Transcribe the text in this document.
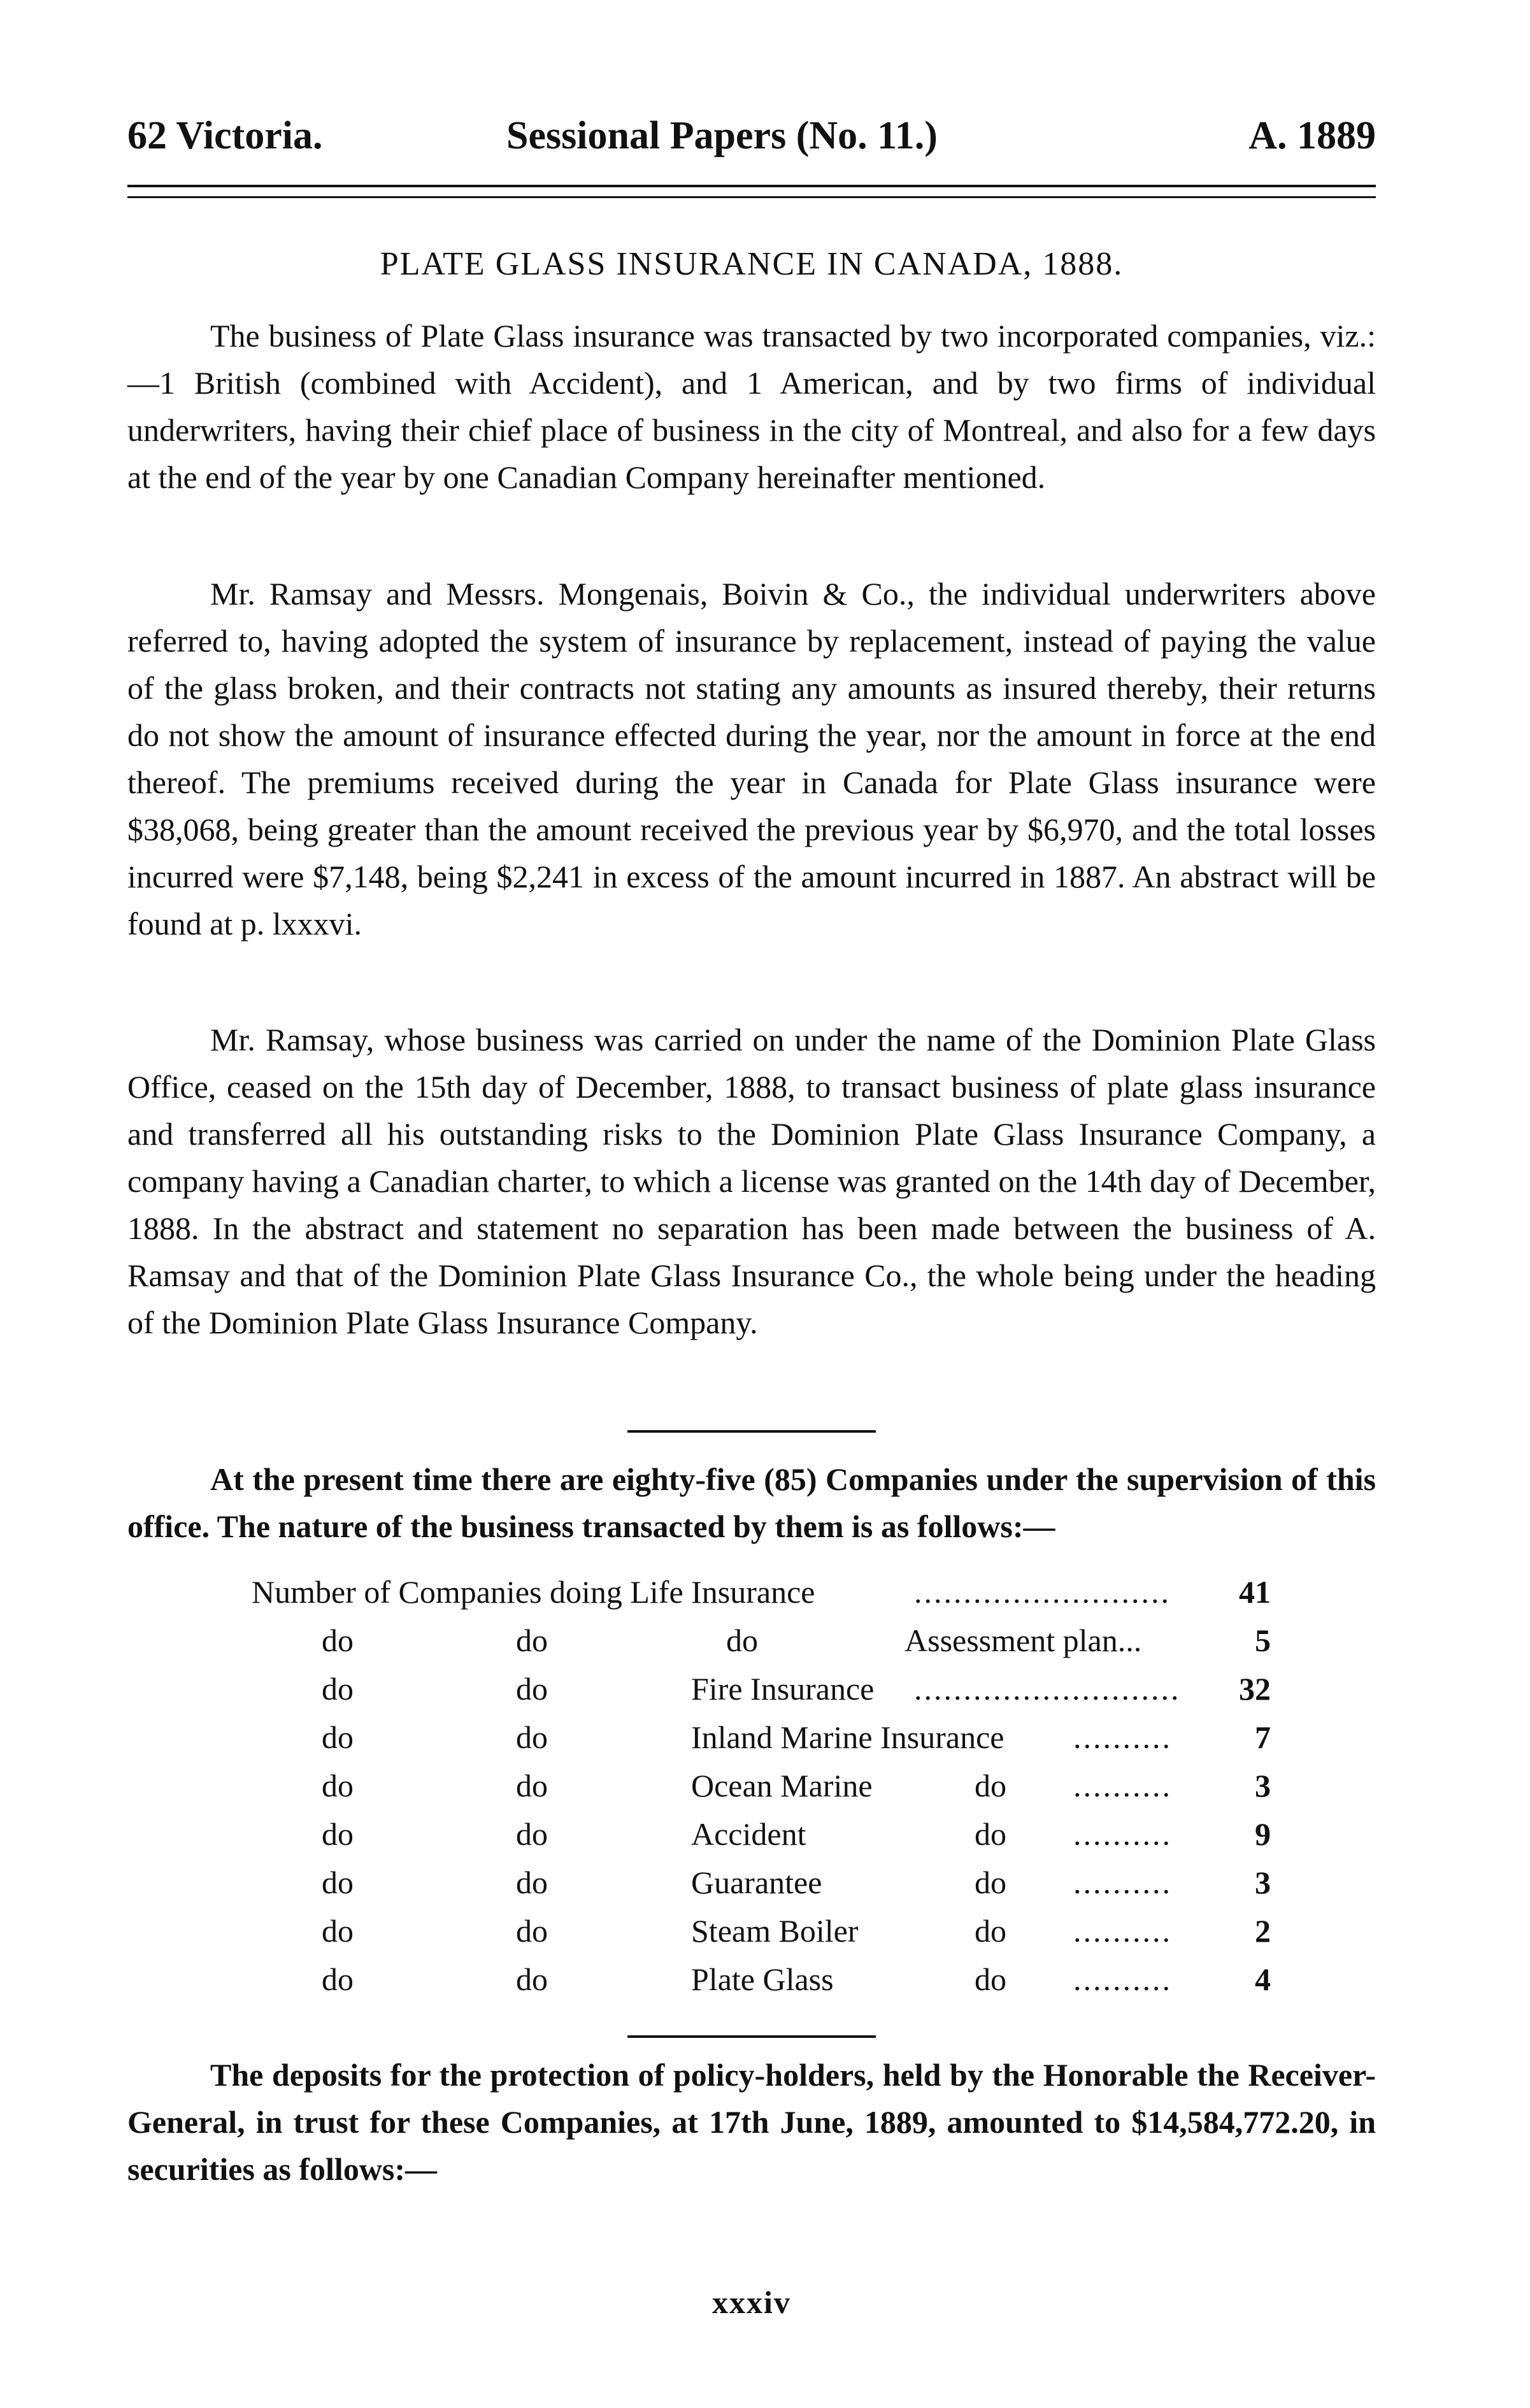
62 Victoria.	Sessional Papers (No. 11.)	A. 1889
PLATE GLASS INSURANCE IN CANADA, 1888.

The business of Plate Glass insurance was transacted by two incorporated companies, viz.:—1 British (combined with Accident), and 1 American, and by two firms of individual underwriters, having their chief place of business in the city of Montreal, and also for a few days at the end of the year by one Canadian Company hereinafter mentioned.

Mr. Ramsay and Messrs. Mongenais, Boivin & Co., the individual underwriters above referred to, having adopted the system of insurance by replacement, instead of paying the value of the glass broken, and their contracts not stating any amounts as insured thereby, their returns do not show the amount of insurance effected during the year, nor the amount in force at the end thereof. The premiums received during the year in Canada for Plate Glass insurance were $38,068, being greater than the amount received the previous year by $6,970, and the total losses incurred were $7,148, being $2,241 in excess of the amount incurred in 1887. An abstract will be found at p. lxxxvi.

Mr. Ramsay, whose business was carried on under the name of the Dominion Plate Glass Office, ceased on the 15th day of December, 1888, to transact business of plate glass insurance and transferred all his outstanding risks to the Dominion Plate Glass Insurance Company, a company having a Canadian charter, to which a license was granted on the 14th day of December, 1888. In the abstract and statement no separation has been made between the business of A. Ramsay and that of the Dominion Plate Glass Insurance Co., the whole being under the heading of the Dominion Plate Glass Insurance Company.

At the present time there are eighty-five (85) Companies under the supervision of this office. The nature of the business transacted by them is as follows:—

Number of Companies doing Life Insurance	..........................	41
do	do	do	Assessment plan...	5
do	do	Fire Insurance ...........................	32
do	do	Inland Marine Insurance ..........	7
do	do	Ocean Marine	do ..........	3
do	do	Accident	do ..........	9
do	do	Guarantee	do ..........	3
do	do	Steam Boiler	do ..........	2
do	do	Plate Glass	do ..........	4

The deposits for the protection of policy-holders, held by the Honorable the Receiver-General, in trust for these Companies, at 17th June, 1889, amounted to $14,584,772.20, in securities as follows:—

xxxiv
